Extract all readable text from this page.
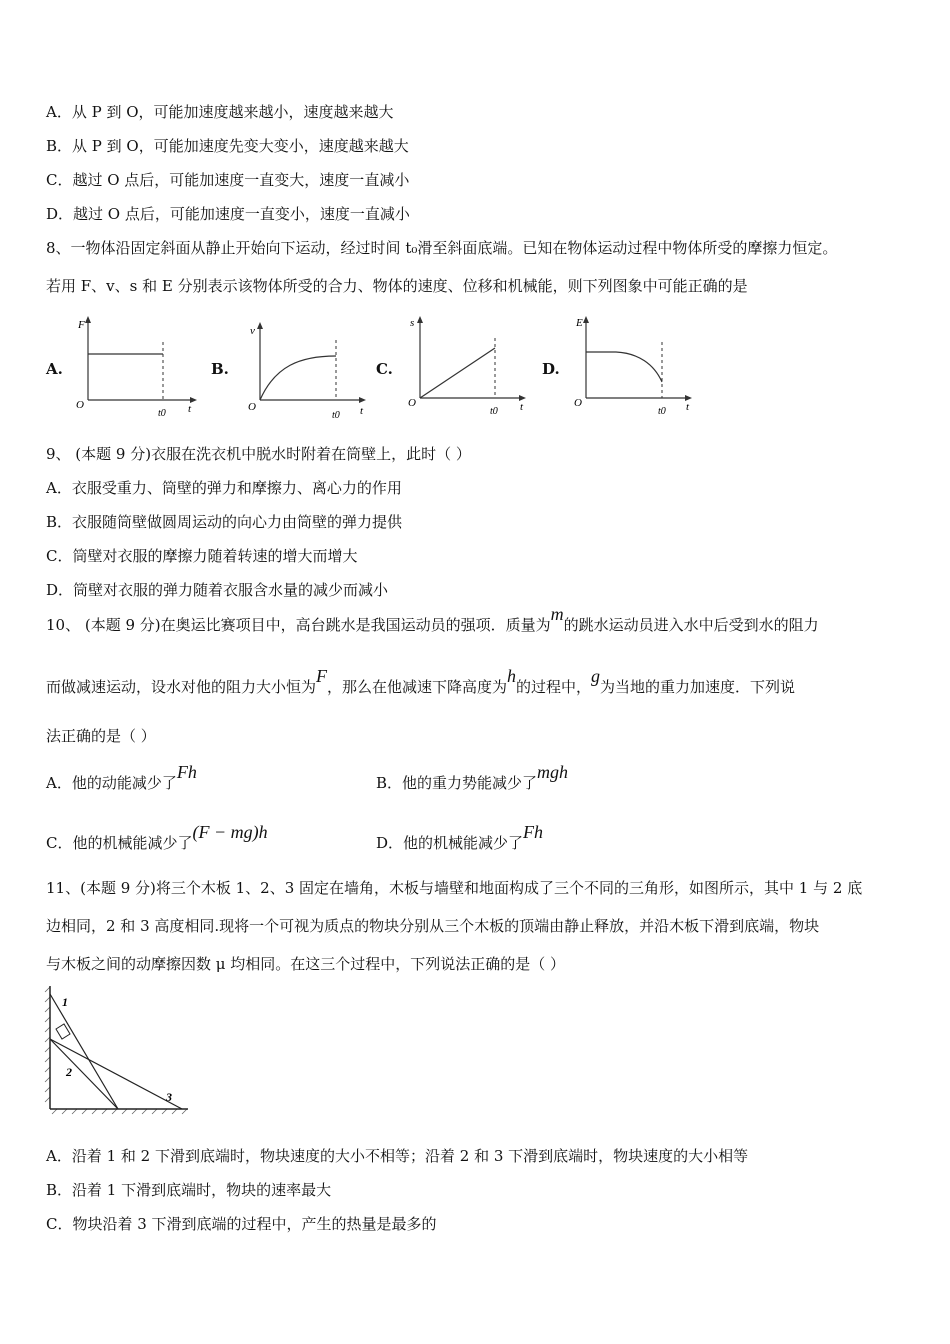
A．从 P 到 O，可能加速度越来越小，速度越来越大
B．从 P 到 O，可能加速度先变大变小，速度越来越大
C．越过 O 点后，可能加速度一直变大，速度一直减小
D．越过 O 点后，可能加速度一直变小，速度一直减小
8、一物体沿固定斜面从静止开始向下运动，经过时间 t₀滑至斜面底端。已知在物体运动过程中物体所受的摩擦力恒定。
若用 F、v、s 和 E 分别表示该物体所受的合力、物体的速度、位移和机械能，则下列图象中可能正确的是
A.
F
O	t
t0
B.
v
O	t
t0
C.
s
O	t
t0
D.
E
O	t
t0
9、 (本题 9 分)衣服在洗衣机中脱水时附着在筒壁上，此时（ ）
A．衣服受重力、筒壁的弹力和摩擦力、离心力的作用
B．衣服随筒壁做圆周运动的向心力由筒壁的弹力提供
C．筒壁对衣服的摩擦力随着转速的增大而增大
D．筒壁对衣服的弹力随着衣服含水量的减少而减小
10、 (本题 9 分)在奥运比赛项目中，高台跳水是我国运动员的强项．质量为m的跳水运动员进入水中后受到水的阻力
而做减速运动，设水对他的阻力大小恒为F，那么在他减速下降高度为h的过程中，g为当地的重力加速度．下列说
法正确的是（ ）
A．他的动能减少了Fh
B．他的重力势能减少了mgh
C．他的机械能减少了(F − mg)h
D．他的机械能减少了Fh
11、(本题 9 分)将三个木板 1、2、3 固定在墙角，木板与墙壁和地面构成了三个不同的三角形，如图所示，其中 1 与 2 底
边相同，2 和 3 高度相同.现将一个可视为质点的物块分别从三个木板的顶端由静止释放，并沿木板下滑到底端，物块
与木板之间的动摩擦因数 μ 均相同。在这三个过程中，下列说法正确的是（ ）
1
2
3
A．沿着 1 和 2 下滑到底端时，物块速度的大小不相等；沿着 2 和 3 下滑到底端时，物块速度的大小相等
B．沿着 1 下滑到底端时，物块的速率最大
C．物块沿着 3 下滑到底端的过程中，产生的热量是最多的
